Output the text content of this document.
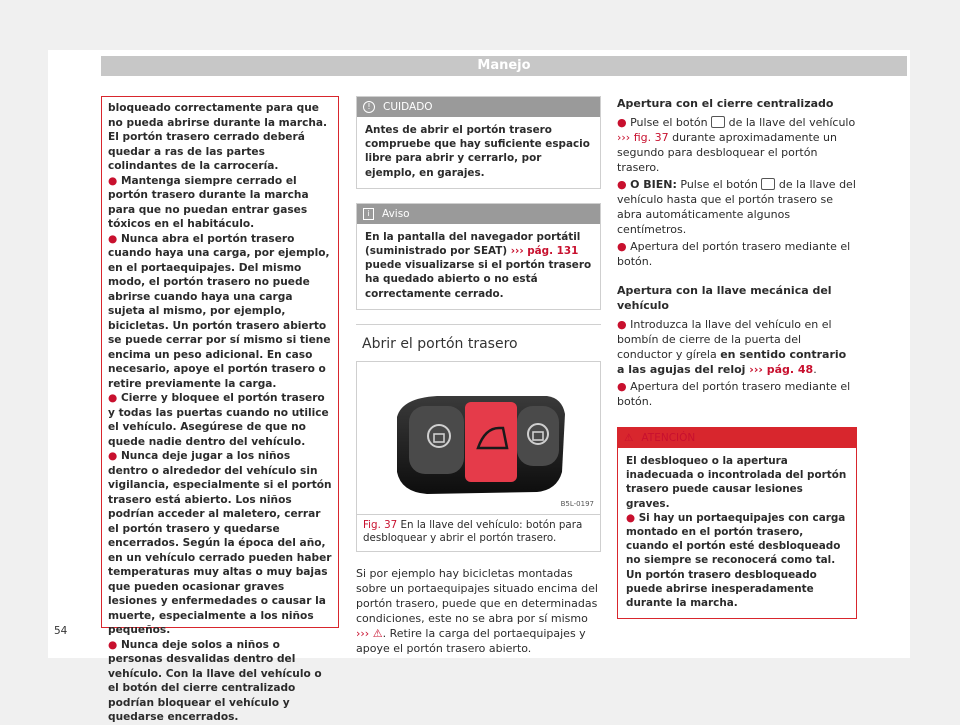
Manejo

bloqueado correctamente para que no pueda abrirse durante la marcha. El portón trasero cerrado deberá quedar a ras de las partes colindantes de la carrocería.

● Mantenga siempre cerrado el portón trasero durante la marcha para que no puedan entrar gases tóxicos en el habitáculo.

● Nunca abra el portón trasero cuando haya una carga, por ejemplo, en el portaequipajes. Del mismo modo, el portón trasero no puede abrirse cuando haya una carga sujeta al mismo, por ejemplo, bicicletas. Un portón trasero abierto se puede cerrar por sí mismo si tiene encima un peso adicional. En caso necesario, apoye el portón trasero o retire previamente la carga.

● Cierre y bloquee el portón trasero y todas las puertas cuando no utilice el vehículo. Asegúrese de que no quede nadie dentro del vehículo.

● Nunca deje jugar a los niños dentro o alrededor del vehículo sin vigilancia, especialmente si el portón trasero está abierto. Los niños podrían acceder al maletero, cerrar el portón trasero y quedarse encerrados. Según la época del año, en un vehículo cerrado pueden haber temperaturas muy altas o muy bajas que pueden ocasionar graves lesiones y enfermedades o causar la muerte, especialmente a los niños pequeños.

● Nunca deje solos a niños o personas desvalidas dentro del vehículo. Con la llave del vehículo o el botón del cierre centralizado podrían bloquear el vehículo y quedarse encerrados.

! CUIDADO
Antes de abrir el portón trasero compruebe que hay suficiente espacio libre para abrir y cerrarlo, por ejemplo, en garajes.
i Aviso
En la pantalla del navegador portátil (suministrado por SEAT) ››› pág. 131 puede visualizarse si el portón trasero ha quedado abierto o no está correctamente cerrado.
Abrir el portón trasero
B5L-0197
Fig. 37 En la llave del vehículo: botón para desbloquear y abrir el portón trasero.

Si por ejemplo hay bicicletas montadas sobre un portaequipajes situado encima del portón trasero, puede que en determinadas condiciones, este no se abra por sí mismo ››› ⚠. Retire la carga del portaequipajes y apoye el portón trasero abierto.

Apertura con el cierre centralizado

● Pulse el botón  de la llave del vehículo ››› fig. 37 durante aproximadamente un segundo para desbloquear el portón trasero.

● O BIEN: Pulse el botón  de la llave del vehículo hasta que el portón trasero se abra automáticamente algunos centímetros.

● Apertura del portón trasero mediante el botón.

Apertura con la llave mecánica del vehículo

● Introduzca la llave del vehículo en el bombín de cierre de la puerta del conductor y gírela en sentido contrario a las agujas del reloj ››› pág. 48.

● Apertura del portón trasero mediante el botón.

⚠ ATENCIÓN
El desbloqueo o la apertura inadecuada o incontrolada del portón trasero puede causar lesiones graves.
● Si hay un portaequipajes con carga montado en el portón trasero, cuando el portón esté desbloqueado no siempre se reconocerá como tal. Un portón trasero desbloqueado puede abrirse inesperadamente durante la marcha.
54
